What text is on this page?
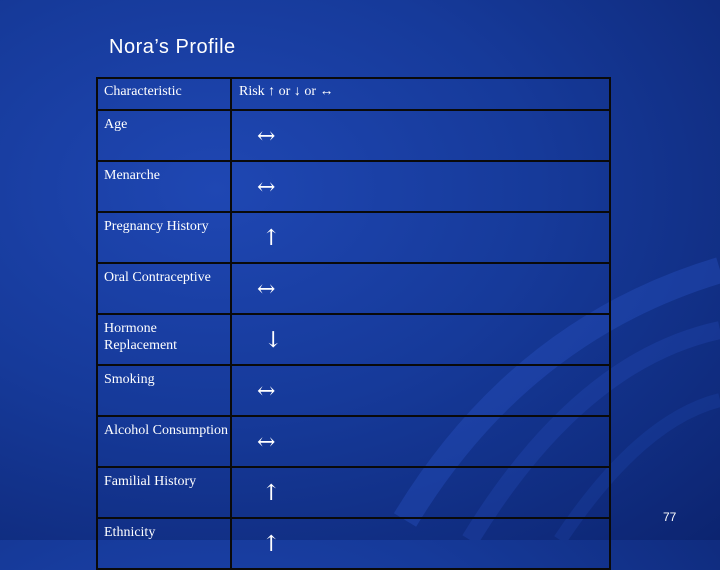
Nora’s Profile
Characteristic	Risk ↑ or ↓ or ↔
Age	↔

Menarche	↔

Pregnancy History	↑

Oral Contraceptive	↔

Hormone Replacement	↓

Smoking	↔

Alcohol Consumption	↔

Familial History	↑

Ethnicity	↑
77
